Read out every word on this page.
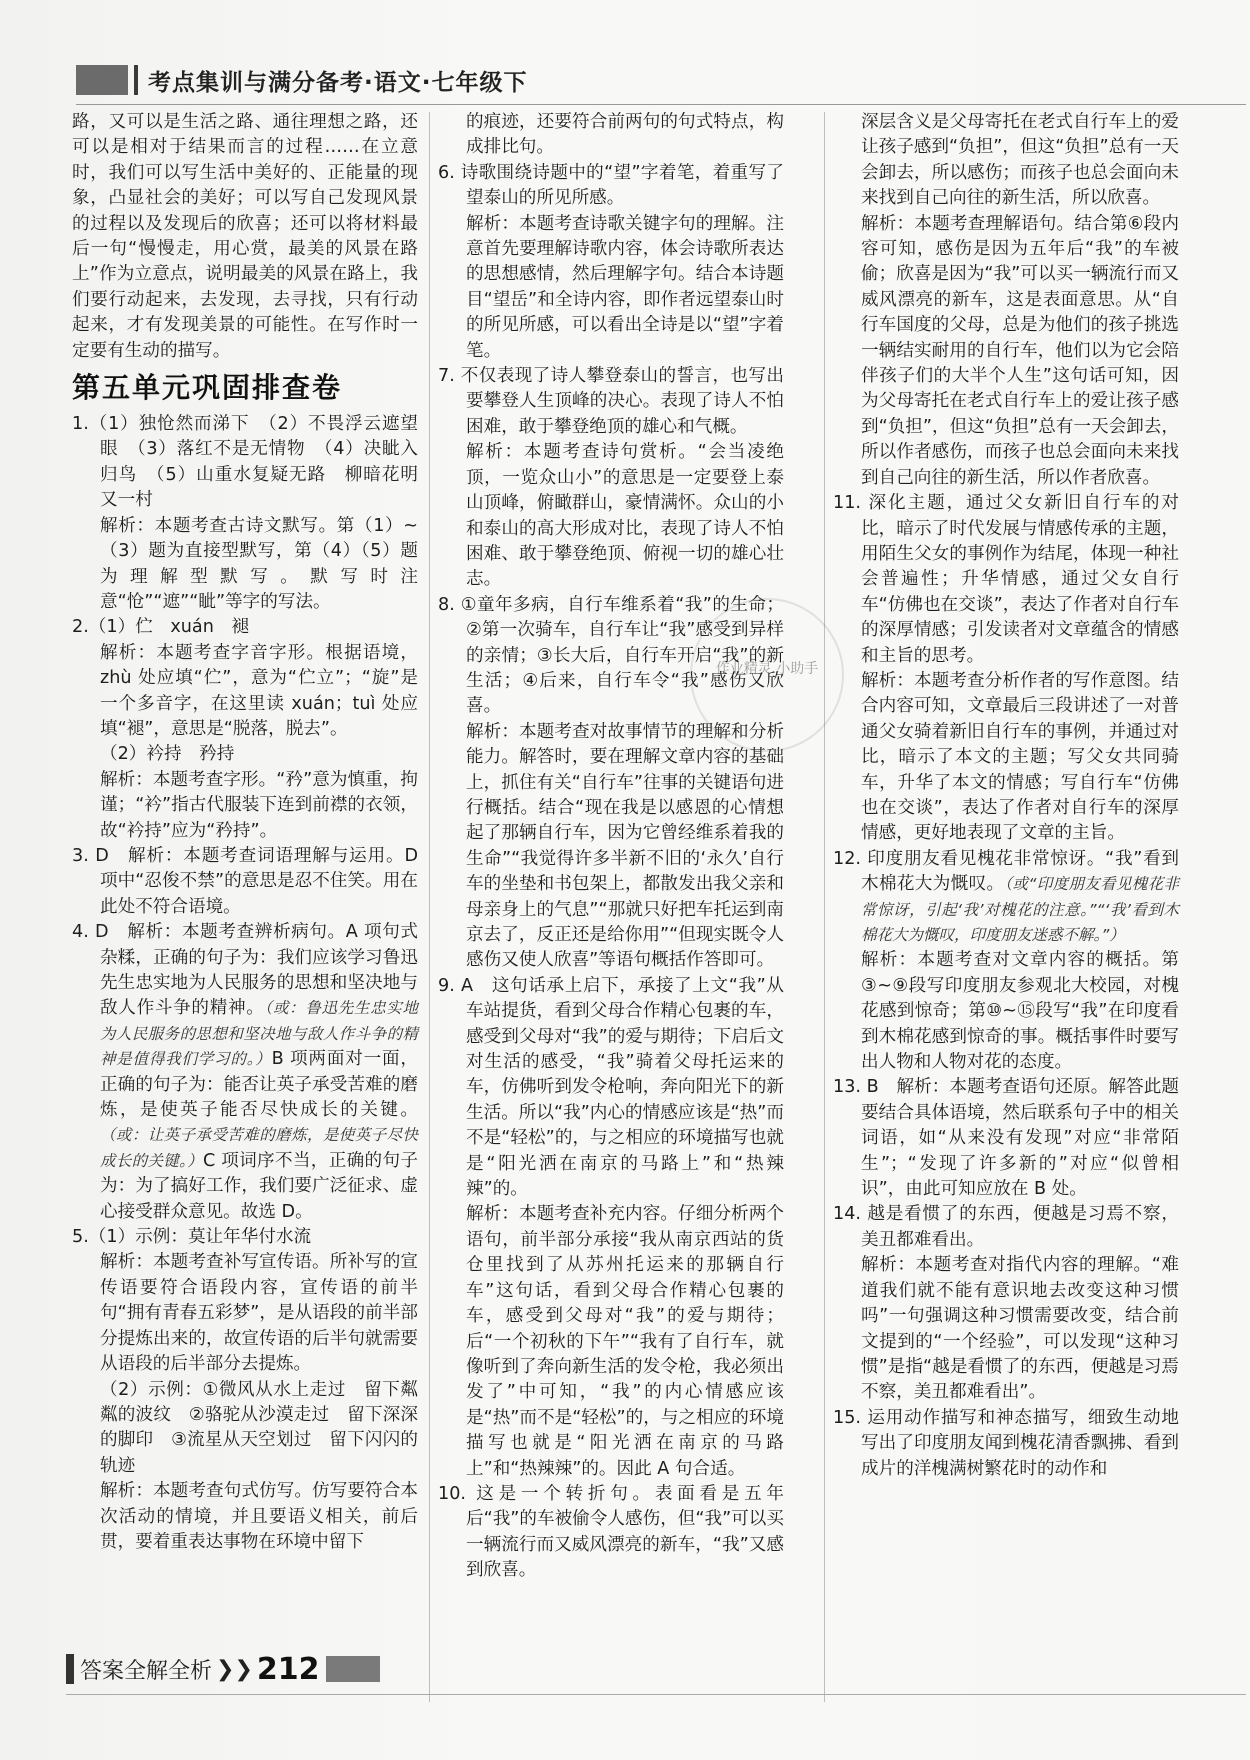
考点集训与满分备考·语文·七年级下

路，又可以是生活之路、通往理想之路，还可以是相对于结果而言的过程……在立意时，我们可以写生活中美好的、正能量的现象，凸显社会的美好；可以写自己发现风景的过程以及发现后的欣喜；还可以将材料最后一句“慢慢走，用心赏，最美的风景在路上”作为立意点，说明最美的风景在路上，我们要行动起来，去发现，去寻找，只有行动起来，才有发现美景的可能性。在写作时一定要有生动的描写。

第五单元巩固排查卷

1.（1）独怆然而涕下　（2）不畏浮云遮望眼　（3）落红不是无情物　（4）决眦入归鸟　（5）山重水复疑无路　柳暗花明又一村

解析：本题考查古诗文默写。第（1）~（3）题为直接型默写，第（4）（5）题为理解型默写。默写时注意“怆”“遮”“眦”等字的写法。

2.（1）伫　xuán　褪

解析：本题考查字音字形。根据语境，zhù 处应填“伫”，意为“伫立”；“旋”是一个多音字，在这里读 xuán；tuì 处应填“褪”，意思是“脱落，脱去”。

（2）衿持　矜持

解析：本题考查字形。“矜”意为慎重，拘谨；“衿”指古代服装下连到前襟的衣领，故“衿持”应为“矜持”。

3. D　解析：本题考查词语理解与运用。D 项中“忍俊不禁”的意思是忍不住笑。用在此处不符合语境。

4. D　解析：本题考查辨析病句。A 项句式杂糅，正确的句子为：我们应该学习鲁迅先生忠实地为人民服务的思想和坚决地与敌人作斗争的精神。（或：鲁迅先生忠实地为人民服务的思想和坚决地与敌人作斗争的精神是值得我们学习的。）B 项两面对一面，正确的句子为：能否让英子承受苦难的磨炼，是使英子能否尽快成长的关键。（或：让英子承受苦难的磨炼，是使英子尽快成长的关键。）C 项词序不当，正确的句子为：为了搞好工作，我们要广泛征求、虚心接受群众意见。故选 D。

5.（1）示例：莫让年华付水流

解析：本题考查补写宣传语。所补写的宣传语要符合语段内容，宣传语的前半句“拥有青春五彩梦”，是从语段的前半部分提炼出来的，故宣传语的后半句就需要从语段的后半部分去提炼。

（2）示例：①微风从水上走过　留下粼粼的波纹　②骆驼从沙漠走过　留下深深的脚印　③流星从天空划过　留下闪闪的轨迹

解析：本题考查句式仿写。仿写要符合本次活动的情境，并且要语义相关，前后贯，要着重表达事物在环境中留下

的痕迹，还要符合前两句的句式特点，构成排比句。

6. 诗歌围绕诗题中的“望”字着笔，着重写了望泰山的所见所感。

解析：本题考查诗歌关键字句的理解。注意首先要理解诗歌内容，体会诗歌所表达的思想感情，然后理解字句。结合本诗题目“望岳”和全诗内容，即作者远望泰山时的所见所感，可以看出全诗是以“望”字着笔。

7. 不仅表现了诗人攀登泰山的誓言，也写出要攀登人生顶峰的决心。表现了诗人不怕困难，敢于攀登绝顶的雄心和气概。

解析：本题考查诗句赏析。“会当凌绝顶，一览众山小”的意思是一定要登上泰山顶峰，俯瞰群山，豪情满怀。众山的小和泰山的高大形成对比，表现了诗人不怕困难、敢于攀登绝顶、俯视一切的雄心壮志。

8. ①童年多病，自行车维系着“我”的生命；②第一次骑车，自行车让“我”感受到异样的亲情；③长大后，自行车开启“我”的新生活；④后来，自行车令“我”感伤又欣喜。

解析：本题考查对故事情节的理解和分析能力。解答时，要在理解文章内容的基础上，抓住有关“自行车”往事的关键语句进行概括。结合“现在我是以感恩的心情想起了那辆自行车，因为它曾经维系着我的生命”“我觉得许多半新不旧的‘永久’自行车的坐垫和书包架上，都散发出我父亲和母亲身上的气息”“那就只好把车托运到南京去了，反正还是给你用”“但现实既令人感伤又使人欣喜”等语句概括作答即可。

9. A　这句话承上启下，承接了上文“我”从车站提货，看到父母合作精心包裹的车，感受到父母对“我”的爱与期待；下启后文对生活的感受，“我”骑着父母托运来的车，仿佛听到发令枪响，奔向阳光下的新生活。所以“我”内心的情感应该是“热”而不是“轻松”的，与之相应的环境描写也就是“阳光洒在南京的马路上”和“热辣辣”的。

解析：本题考查补充内容。仔细分析两个语句，前半部分承接“我从南京西站的货仓里找到了从苏州托运来的那辆自行车”这句话，看到父母合作精心包裹的车，感受到父母对“我”的爱与期待；后“一个初秋的下午”“我有了自行车，就像听到了奔向新生活的发令枪，我必须出发了”中可知，“我”的内心情感应该是“热”而不是“轻松”的，与之相应的环境描写也就是“阳光洒在南京的马路上”和“热辣辣”的。因此 A 句合适。

10. 这是一个转折句。表面看是五年后“我”的车被偷令人感伤，但“我”可以买一辆流行而又威风漂亮的新车，“我”又感到欣喜。

深层含义是父母寄托在老式自行车上的爱让孩子感到“负担”，但这“负担”总有一天会卸去，所以感伤；而孩子也总会面向未来找到自己向往的新生活，所以欣喜。

解析：本题考查理解语句。结合第⑥段内容可知，感伤是因为五年后“我”的车被偷；欣喜是因为“我”可以买一辆流行而又威风漂亮的新车，这是表面意思。从“自行车国度的父母，总是为他们的孩子挑选一辆结实耐用的自行车，他们以为它会陪伴孩子们的大半个人生”这句话可知，因为父母寄托在老式自行车上的爱让孩子感到“负担”，但这“负担”总有一天会卸去，所以作者感伤，而孩子也总会面向未来找到自己向往的新生活，所以作者欣喜。

11. 深化主题，通过父女新旧自行车的对比，暗示了时代发展与情感传承的主题，用陌生父女的事例作为结尾，体现一种社会普遍性；升华情感，通过父女自行车“仿佛也在交谈”，表达了作者对自行车的深厚情感；引发读者对文章蕴含的情感和主旨的思考。

解析：本题考查分析作者的写作意图。结合内容可知，文章最后三段讲述了一对普通父女骑着新旧自行车的事例，并通过对比，暗示了本文的主题；写父女共同骑车，升华了本文的情感；写自行车“仿佛也在交谈”，表达了作者对自行车的深厚情感，更好地表现了文章的主旨。

12. 印度朋友看见槐花非常惊讶。“我”看到木棉花大为慨叹。（或“印度朋友看见槐花非常惊讶，引起‘我’对槐花的注意。”“‘我’看到木棉花大为慨叹，印度朋友迷惑不解。”）

解析：本题考查对文章内容的概括。第③~⑨段写印度朋友参观北大校园，对槐花感到惊奇；第⑩~⑮段写“我”在印度看到木棉花感到惊奇的事。概括事件时要写出人物和人物对花的态度。

13. B　解析：本题考查语句还原。解答此题要结合具体语境，然后联系句子中的相关词语，如“从来没有发现”对应“非常陌生”；“发现了许多新的”对应“似曾相识”，由此可知应放在 B 处。

14. 越是看惯了的东西，便越是习焉不察，美丑都难看出。

解析：本题考查对指代内容的理解。“难道我们就不能有意识地去改变这种习惯吗”一句强调这种习惯需要改变，结合前文提到的“一个经验”，可以发现“这种习惯”是指“越是看惯了的东西，便越是习焉不察，美丑都难看出”。

15. 运用动作描写和神态描写，细致生动地写出了印度朋友闻到槐花清香飘拂、看到成片的洋槐满树繁花时的动作和

作业精灵 小助手
答案全解全析 ❯❯ 212
